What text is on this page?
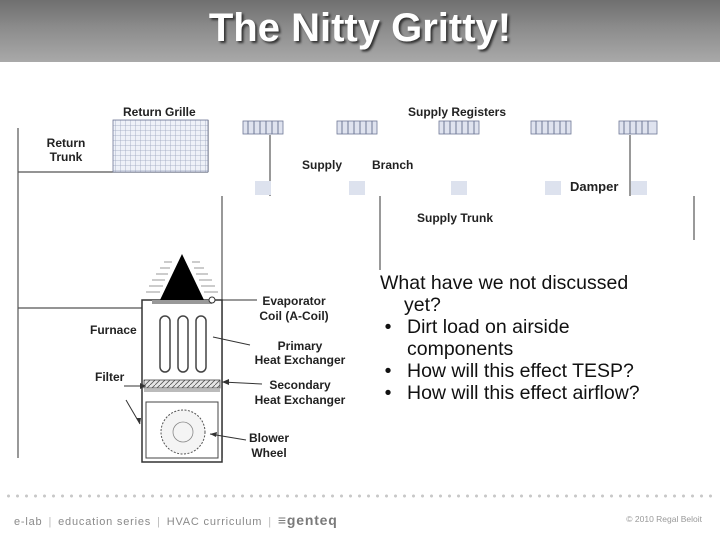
The Nitty Gritty!
Return Grille	Supply Registers
Return
Trunk
Supply Branch
Damper
Supply Trunk
Evaporator
Coil (A-Coil)
Furnace
Primary
Heat Exchanger
Filter
Secondary
Heat Exchanger
Blower
Wheel
What have we not discussed
yet?
• Dirt load on airside
components
• How will this effect TESP?
• How will this effect airflow?
e-lab | education series | HVAC curriculum | ≡genteq	© 2010 Regal Beloit
